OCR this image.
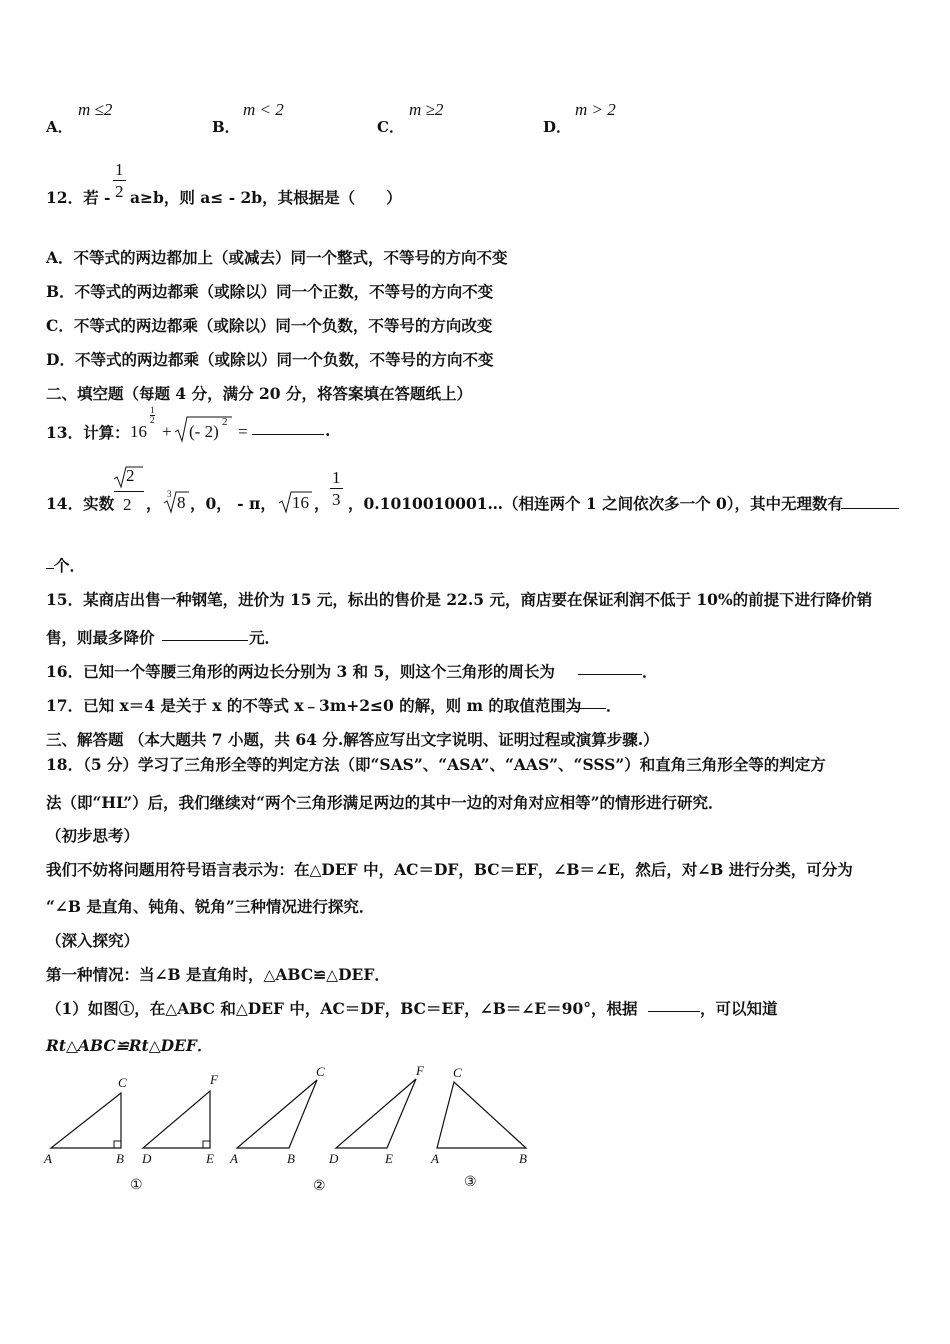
A．
m ≤2
B．
m < 2
C．
m ≥2
D．
m > 2
12．若 - $\frac{1}{2} a\ge b$，则 a≤ - 2b，其根据是（　　）
A．不等式的两边都加上（或减去）同一个整式，不等号的方向不变
B．不等式的两边都乘（或除以）同一个正数，不等号的方向不变
C．不等式的两边都乘（或除以）同一个负数，不等号的方向改变
D．不等式的两边都乘（或除以）同一个负数，不等号的方向不变
二、填空题（每题 4 分，满分 20 分，将答案填在答题纸上）
13．计算： 16
$\frac{1}{2}$
+ (- 2) 2 =	.
14．实数
2
2 ， 3 8 ，0， - π， 16 ， $\frac{1}{3}$ ，0.1010010001…（相连两个 1 之间依次多一个 0），其中无理数有
个．
15．某商店出售一种钢笔，进价为 15 元，标出的售价是 22.5 元，商店要在保证利润不低于 10%的前提下进行降价销
售，则最多降价	元．
16．已知一个等腰三角形的两边长分别为 3 和 5，则这个三角形的周长为	．
17．已知 x＝4 是关于 x 的不等式 x﹣3m+2≤0 的解，则 m 的取值范围为 ．
三、解答题 （本大题共 7 小题，共 64 分.解答应写出文字说明、证明过程或演算步骤.）
18．（5 分）学习了三角形全等的判定方法（即“SAS”、“ASA”、“AAS”、“SSS”）和直角三角形全等的判定方
法（即“HL”）后，我们继续对“两个三角形满足两边的其中一边的对角对应相等”的情形进行研究．
（初步思考）
我们不妨将问题用符号语言表示为：在△DEF 中，AC＝DF，BC＝EF，∠B＝∠E，然后，对∠B 进行分类，可分为
“∠B 是直角、钝角、锐角”三种情况进行探究．
（深入探究）
第一种情况：当∠B 是直角时，△ABC≌△DEF．
（1）如图①，在△ABC 和△DEF 中，AC＝DF，BC＝EF，∠B＝∠E＝90°，根据	，可以知道
Rt△ABC≌Rt△DEF．
C
A	B
F
D	E
C
A	B
F
D	E
C
A	B
①	②	③
